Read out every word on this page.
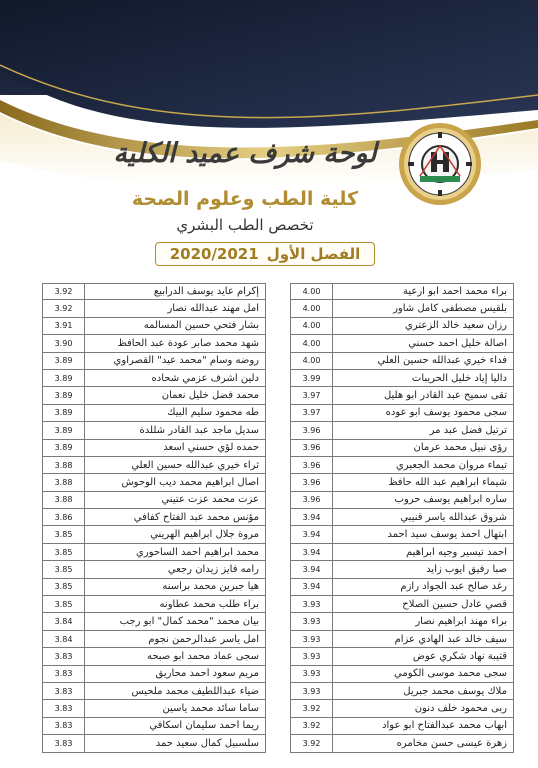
لوحة شرف عميد الكلية
كلية الطب وعلوم الصحة
تخصص الطب البشري
الفصل الأول
2020/2021
4.00	براء محمد احمد ابو ارعية
4.00	بلقيس مصطفى كامل شاور
4.00	رزان سعيد خالد الزعتري
4.00	اصالة خليل احمد حسني
4.00	فداء خيري عبدالله حسين العلي
3.99	داليا إياد خليل الحريبات
3.97	تقى سميح عبد القادر ابو هليل
3.97	سجى محمود يوسف ابو عوده
3.96	ترتيل فضل عبد مر
3.96	رؤى نبيل محمد عرمان
3.96	تيماء مروان محمد الجعبري
3.96	شيماء ابراهيم عبد الله حافظ
3.96	ساره ابراهيم يوسف حروب
3.94	شروق عبدالله ياسر قنيبي
3.94	ابتهال احمد يوسف سيد احمد
3.94	احمد تيسير وجيه ابراهيم
3.94	صبا رفيق ايوب زايد
3.94	رغد صالح عبد الجواد رازم
3.93	قصي عادل حسين الصلاح
3.93	براء مهند ابراهيم نصار
3.93	سيف خالد عبد الهادي عزام
3.93	قتيبة نهاد شكري عوض
3.93	سجى محمد موسى الكومي
3.93	ملاك يوسف محمد جبريل
3.92	ربى محمود خلف دنون
3.92	ابهاب محمد عبدالفتاح ابو عواد
3.92	زهرة عيسى حسن مخامره
3.92	إكرام عايد يوسف الدرابيع
3.92	امل مهند عبدالله نصار
3.91	بشار فتحي حسين المسالمه
3.90	شهد محمد صابر عودة عبد الحافظ
3.89	روضه وسام "محمد عيد" القصراوي
3.89	دلين اشرف عزمي شحاده
3.89	محمد فضل خليل نعمان
3.89	طه محمود سليم البيك
3.89	سديل ماجد عبد القادر شللدة
3.89	حمده لؤي حسني اسعد
3.88	ثراء خيري عبدالله حسين العلي
3.88	آصال ابراهيم محمد ديب الوحوش
3.88	عزت محمد عزت عتيني
3.86	مؤنس محمد عبد الفتاح كفافي
3.85	مروة جلال ابراهيم الهريني
3.85	محمد ابراهيم أحمد الساحوري
3.85	رامه فايز زيدان رجعي
3.85	هيا جبرين محمد براسنه
3.85	براء طلب محمد عطاونه
3.84	بيان محمد "محمد كمال" ابو رجب
3.84	امل ياسر عبدالرحمن نجوم
3.83	سجى عماد محمد ابو صبحه
3.83	مريم سعود أحمد محاريق
3.83	ضياء عبداللطيف محمد ملحيس
3.83	ساما سائد محمد ياسين
3.83	ريما أحمد سليمان اسكافي
3.83	سلسبيل كمال سعيد حمد
